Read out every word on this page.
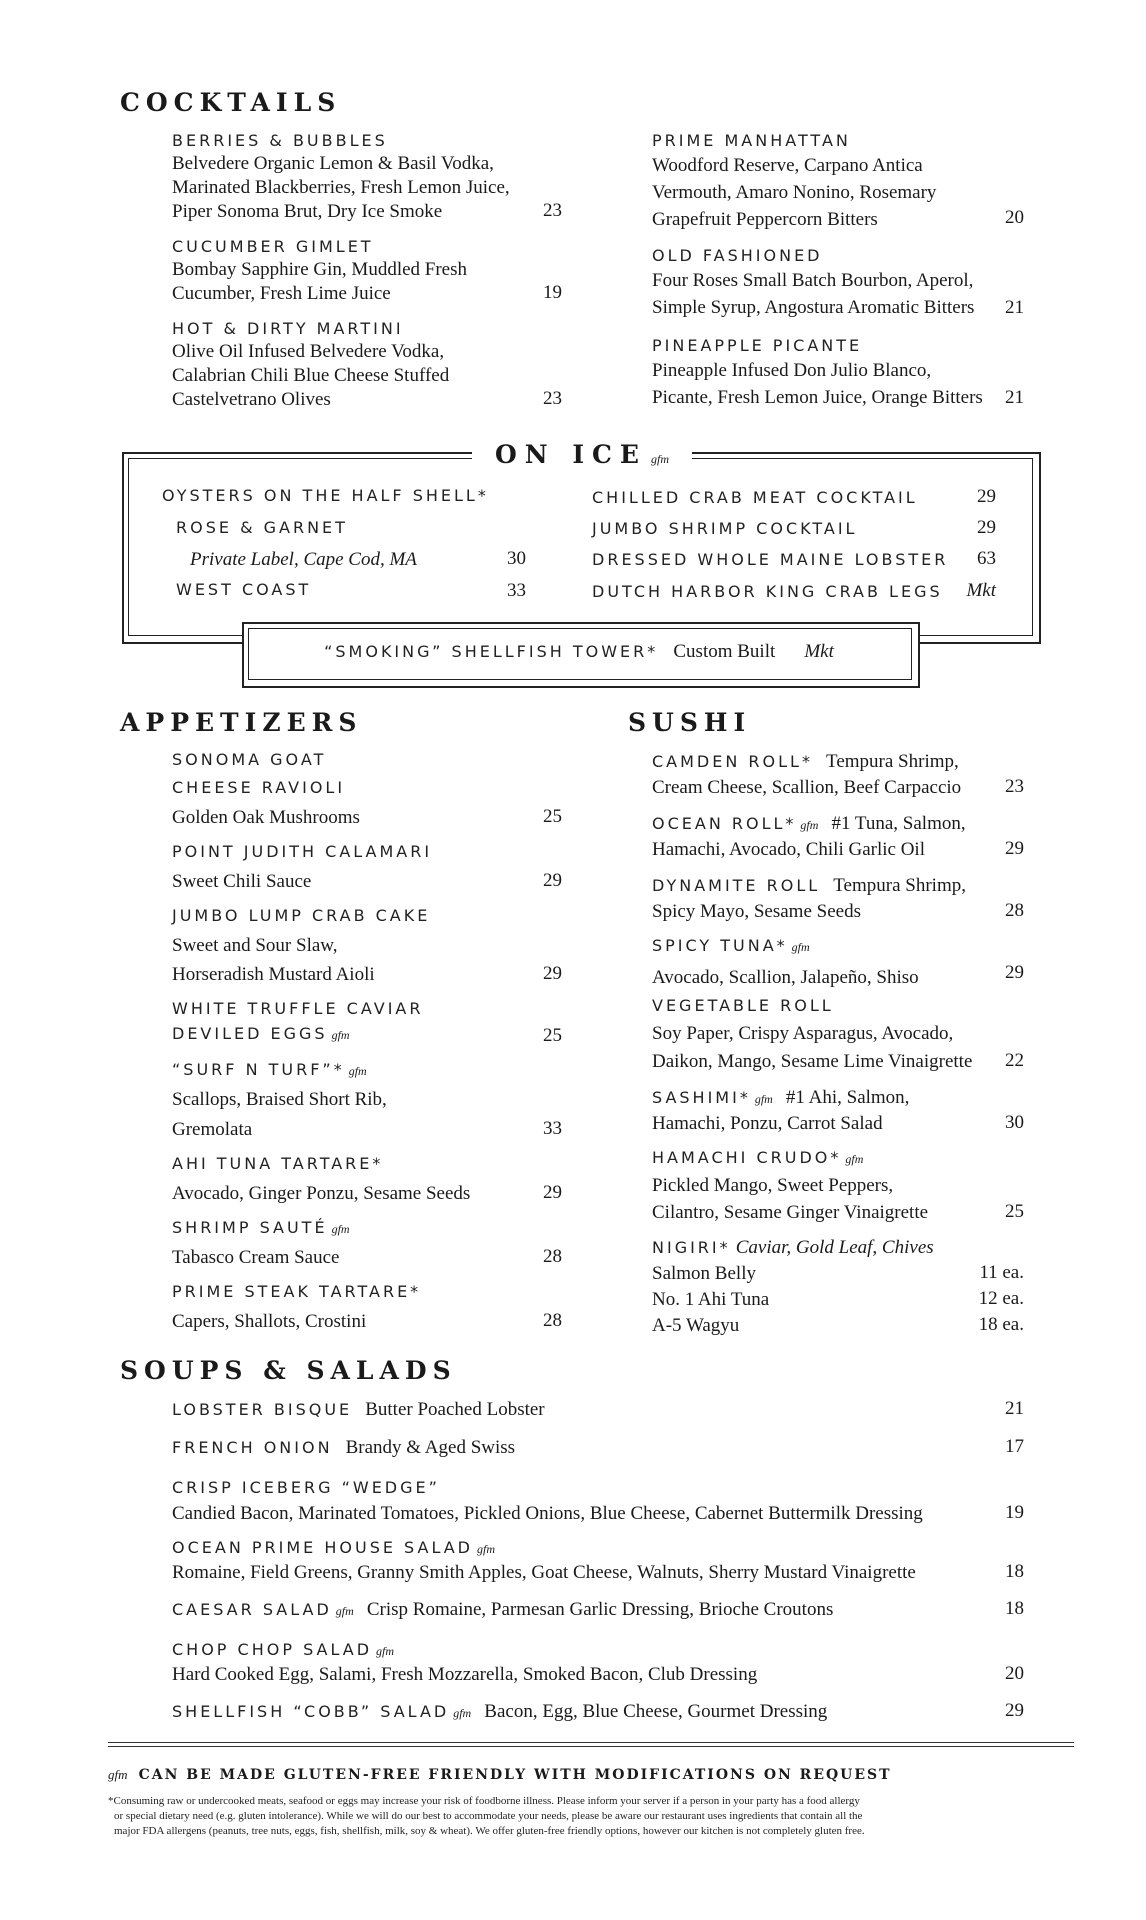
COCKTAILS
BERRIES & BUBBLES
Belvedere Organic Lemon & Basil Vodka,
Marinated Blackberries, Fresh Lemon Juice,
Piper Sonoma Brut, Dry Ice Smoke	23
CUCUMBER GIMLET
Bombay Sapphire Gin, Muddled Fresh
Cucumber, Fresh Lime Juice	19
HOT & DIRTY MARTINI
Olive Oil Infused Belvedere Vodka,
Calabrian Chili Blue Cheese Stuffed
Castelvetrano Olives	23
PRIME MANHATTAN
Woodford Reserve, Carpano Antica
Vermouth, Amaro Nonino, Rosemary
Grapefruit Peppercorn Bitters	20
OLD FASHIONED
Four Roses Small Batch Bourbon, Aperol,
Simple Syrup, Angostura Aromatic Bitters	21
PINEAPPLE PICANTE
Pineapple Infused Don Julio Blanco,
Picante, Fresh Lemon Juice, Orange Bitters	21
ON ICE gfm
OYSTERS ON THE HALF SHELL*
ROSE & GARNET
Private Label, Cape Cod, MA	30
WEST COAST	33
CHILLED CRAB MEAT COCKTAIL	29
JUMBO SHRIMP COCKTAIL	29
DRESSED WHOLE MAINE LOBSTER	63
DUTCH HARBOR KING CRAB LEGS	Mkt
“SMOKING” SHELLFISH TOWER* Custom Built Mkt
APPETIZERS
SONOMA GOAT
CHEESE RAVIOLI
Golden Oak Mushrooms	25
POINT JUDITH CALAMARI
Sweet Chili Sauce	29
JUMBO LUMP CRAB CAKE
Sweet and Sour Slaw,
Horseradish Mustard Aioli	29
WHITE TRUFFLE CAVIAR
DEVILED EGGS gfm	25
“SURF N TURF”* gfm
Scallops, Braised Short Rib,
Gremolata	33
AHI TUNA TARTARE*
Avocado, Ginger Ponzu, Sesame Seeds	29
SHRIMP SAUTÉ gfm
Tabasco Cream Sauce	28
PRIME STEAK TARTARE*
Capers, Shallots, Crostini	28
SUSHI
CAMDEN ROLL* Tempura Shrimp,
Cream Cheese, Scallion, Beef Carpaccio	23
OCEAN ROLL* gfm #1 Tuna, Salmon,
Hamachi, Avocado, Chili Garlic Oil	29
DYNAMITE ROLL Tempura Shrimp,
Spicy Mayo, Sesame Seeds	28
SPICY TUNA* gfm
Avocado, Scallion, Jalapeño, Shiso	29
VEGETABLE ROLL
Soy Paper, Crispy Asparagus, Avocado,
Daikon, Mango, Sesame Lime Vinaigrette	22
SASHIMI* gfm #1 Ahi, Salmon,
Hamachi, Ponzu, Carrot Salad	30
HAMACHI CRUDO* gfm
Pickled Mango, Sweet Peppers,
Cilantro, Sesame Ginger Vinaigrette	25
NIGIRI* Caviar, Gold Leaf, Chives
Salmon Belly	11 ea.
No. 1 Ahi Tuna	12 ea.
A-5 Wagyu	18 ea.
SOUPS & SALADS
LOBSTER BISQUE Butter Poached Lobster	21
FRENCH ONION Brandy & Aged Swiss	17
CRISP ICEBERG “WEDGE”
Candied Bacon, Marinated Tomatoes, Pickled Onions, Blue Cheese, Cabernet Buttermilk Dressing	19
OCEAN PRIME HOUSE SALAD gfm
Romaine, Field Greens, Granny Smith Apples, Goat Cheese, Walnuts, Sherry Mustard Vinaigrette	18
CAESAR SALAD gfm Crisp Romaine, Parmesan Garlic Dressing, Brioche Croutons	18
CHOP CHOP SALAD gfm
Hard Cooked Egg, Salami, Fresh Mozzarella, Smoked Bacon, Club Dressing	20
SHELLFISH “COBB” SALAD gfm Bacon, Egg, Blue Cheese, Gourmet Dressing	29
gfm CAN BE MADE GLUTEN-FREE FRIENDLY WITH MODIFICATIONS ON REQUEST
*Consuming raw or undercooked meats, seafood or eggs may increase your risk of foodborne illness. Please inform your server if a person in your party has a food allergy
or special dietary need (e.g. gluten intolerance). While we will do our best to accommodate your needs, please be aware our restaurant uses ingredients that contain all the
major FDA allergens (peanuts, tree nuts, eggs, fish, shellfish, milk, soy & wheat). We offer gluten-free friendly options, however our kitchen is not completely gluten free.
